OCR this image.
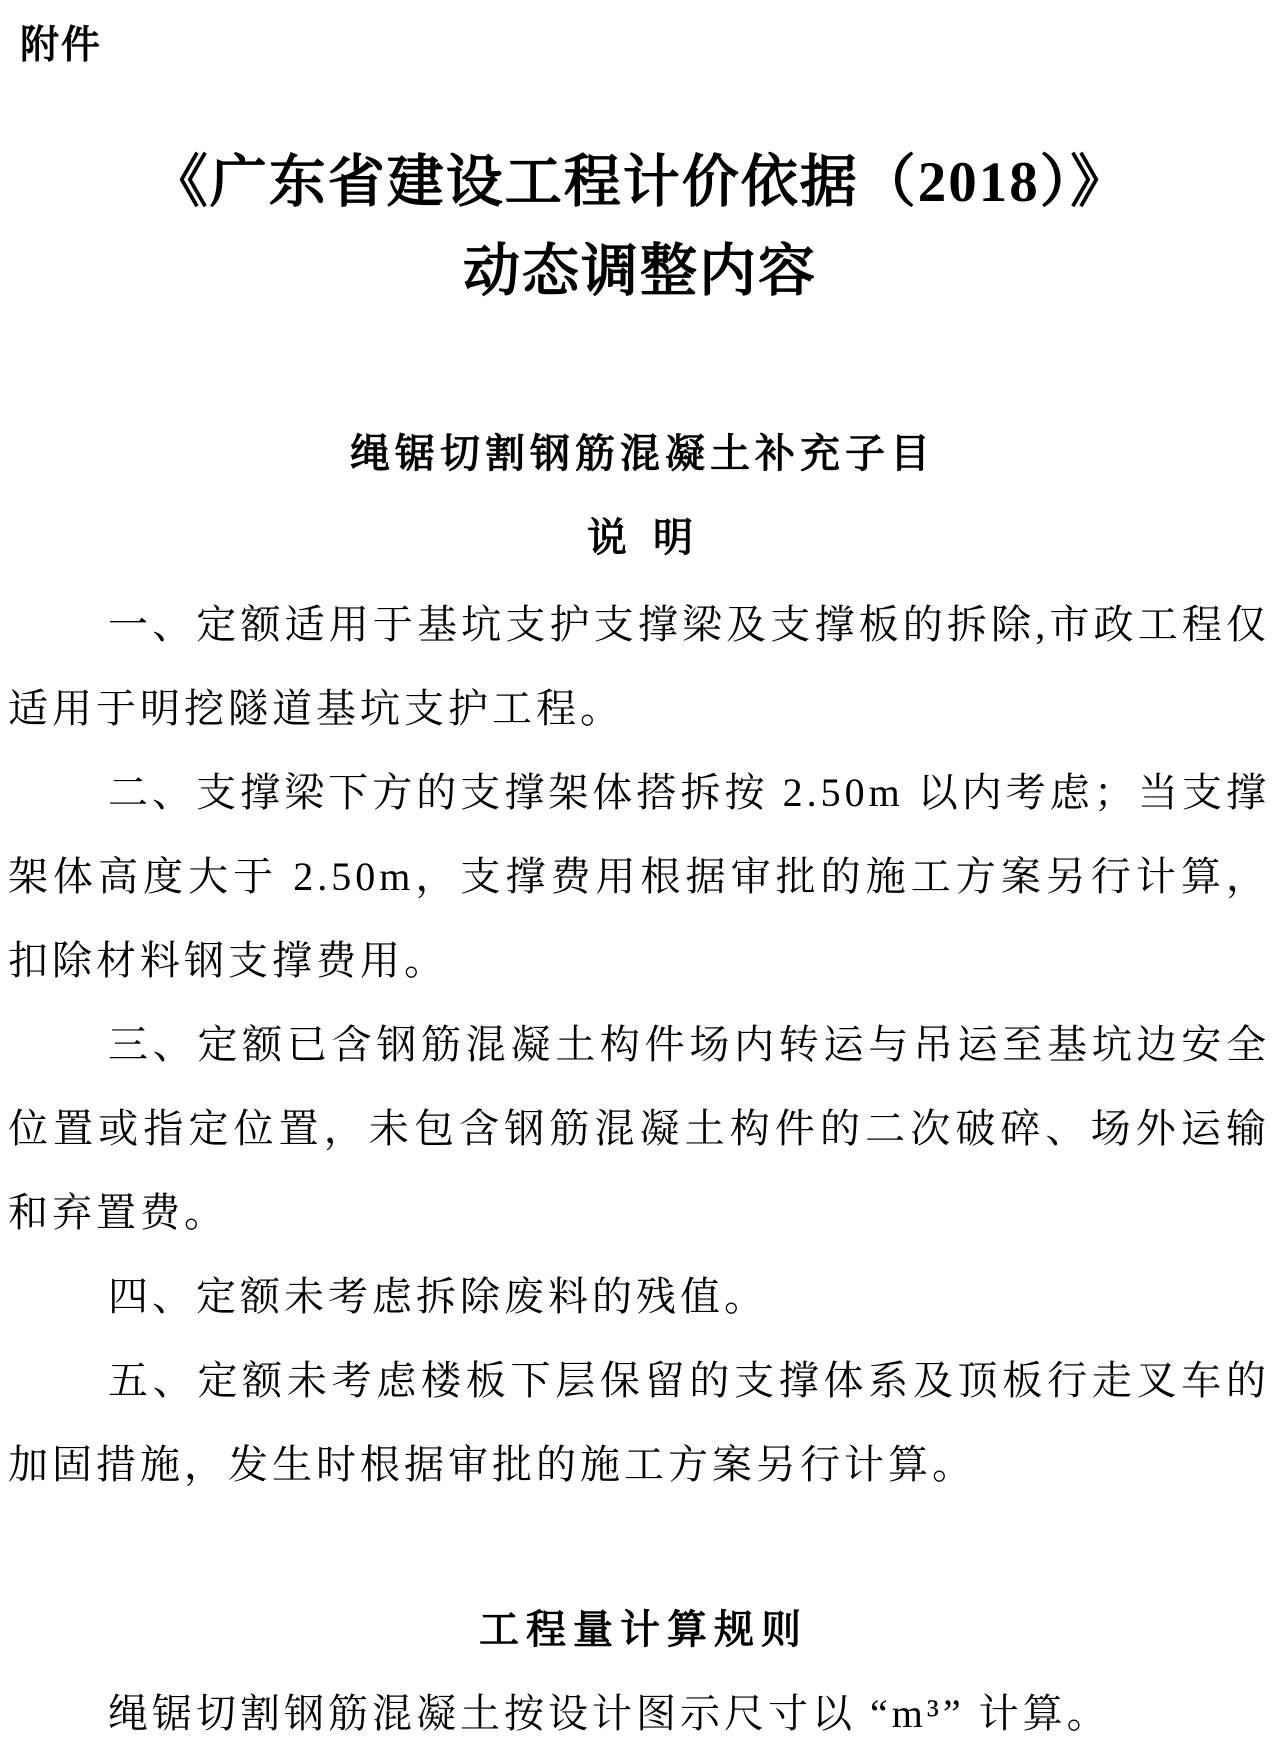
附件
《广东省建设工程计价依据（2018）》
动态调整内容
绳锯切割钢筋混凝土补充子目
说明

一、定额适用于基坑支护支撑梁及支撑板的拆除,市政工程仅适用于明挖隧道基坑支护工程。

二、支撑梁下方的支撑架体搭拆按 2.50m 以内考虑；当支撑架体高度大于 2.50m，支撑费用根据审批的施工方案另行计算，扣除材料钢支撑费用。

三、定额已含钢筋混凝土构件场内转运与吊运至基坑边安全位置或指定位置，未包含钢筋混凝土构件的二次破碎、场外运输和弃置费。

四、定额未考虑拆除废料的残值。

五、定额未考虑楼板下层保留的支撑体系及顶板行走叉车的加固措施，发生时根据审批的施工方案另行计算。

工程量计算规则

绳锯切割钢筋混凝土按设计图示尺寸以 “m³” 计算。
